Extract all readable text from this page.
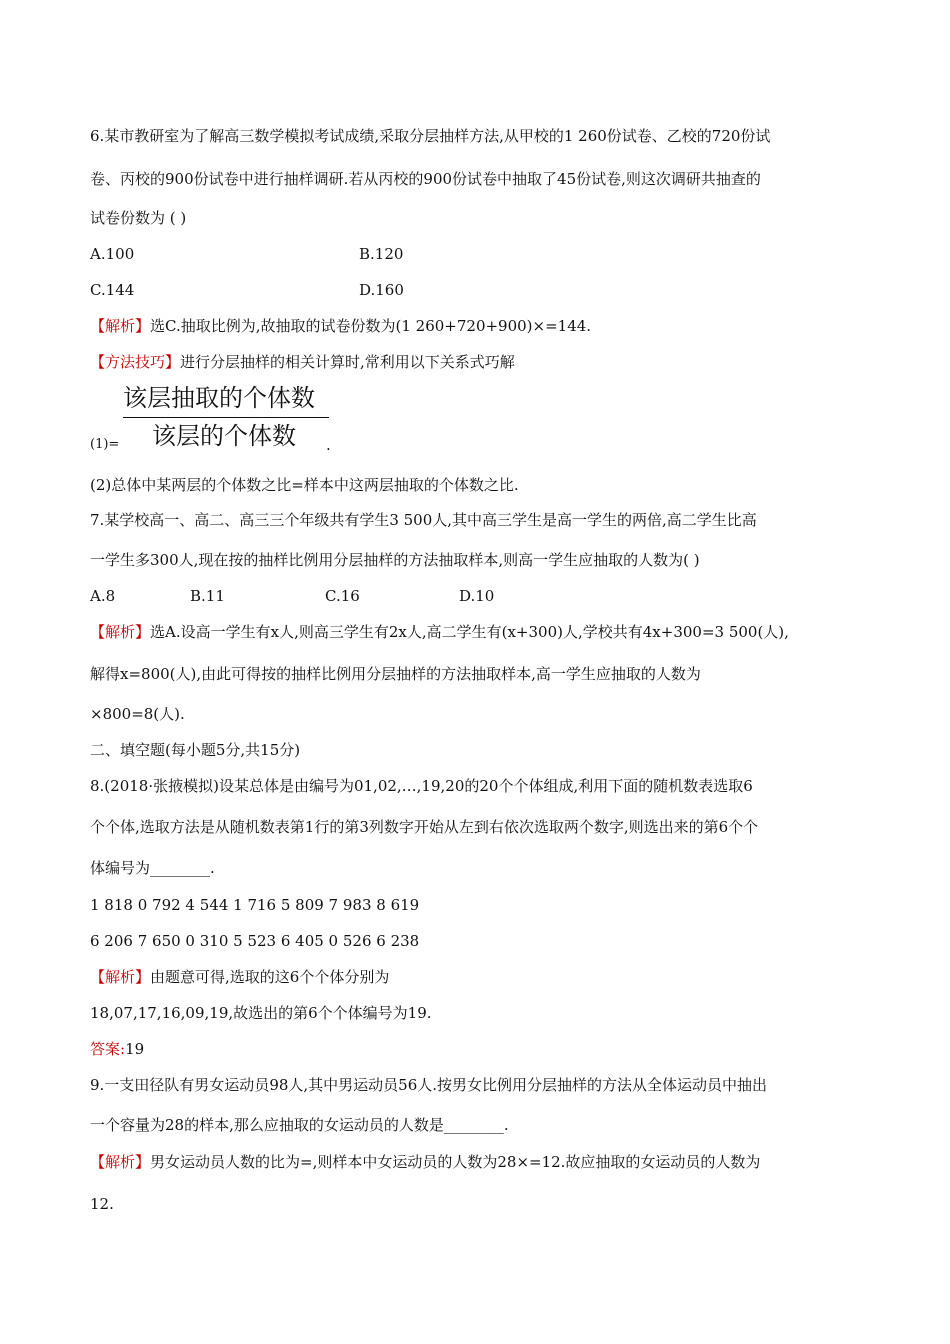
6.某市教研室为了解高三数学模拟考试成绩,采取分层抽样方法,从甲校的1 260份试卷、乙校的720份试
卷、丙校的900份试卷中进行抽样调研.若从丙校的900份试卷中抽取了45份试卷,则这次调研共抽查的
试卷份数为 ( )
A.100	B.120
C.144	D.160
【解析】选C.抽取比例为,故抽取的试卷份数为(1 260+720+900)×=144.
【方法技巧】进行分层抽样的相关计算时,常利用以下关系式巧解
该层抽取的个体数
(1)= 该层的个体数 .
(2)总体中某两层的个体数之比=样本中这两层抽取的个体数之比.
7.某学校高一、高二、高三三个年级共有学生3 500人,其中高三学生是高一学生的两倍,高二学生比高
一学生多300人,现在按的抽样比例用分层抽样的方法抽取样本,则高一学生应抽取的人数为( )
A.8	B.11	C.16	D.10
【解析】选A.设高一学生有x人,则高三学生有2x人,高二学生有(x+300)人,学校共有4x+300=3 500(人),
解得x=800(人),由此可得按的抽样比例用分层抽样的方法抽取样本,高一学生应抽取的人数为
×800=8(人).
二、填空题(每小题5分,共15分)
8.(2018·张掖模拟)设某总体是由编号为01,02,…,19,20的20个个体组成,利用下面的随机数表选取6
个个体,选取方法是从随机数表第1行的第3列数字开始从左到右依次选取两个数字,则选出来的第6个个
体编号为________.
1 818 0 792 4 544 1 716 5 809 7 983 8 619
6 206 7 650 0 310 5 523 6 405 0 526 6 238
【解析】由题意可得,选取的这6个个体分别为
18,07,17,16,09,19,故选出的第6个个体编号为19.
答案:19
9.一支田径队有男女运动员98人,其中男运动员56人.按男女比例用分层抽样的方法从全体运动员中抽出
一个容量为28的样本,那么应抽取的女运动员的人数是________.
【解析】男女运动员人数的比为=,则样本中女运动员的人数为28×=12.故应抽取的女运动员的人数为
12.
